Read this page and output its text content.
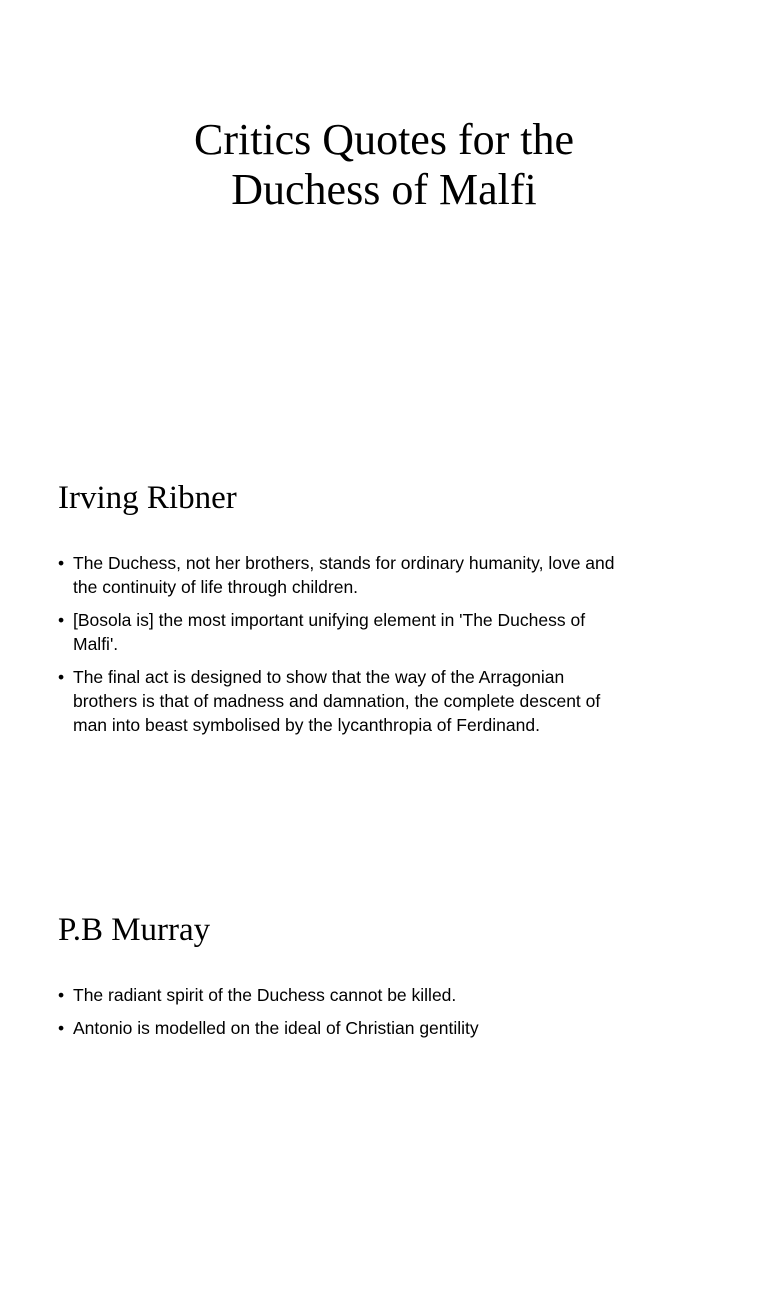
Critics Quotes for the
Duchess of Malfi
Irving Ribner
• The Duchess, not her brothers, stands for ordinary humanity, love and
the continuity of life through children.
• [Bosola is] the most important unifying element in 'The Duchess of
Malfi'.
• The final act is designed to show that the way of the Arragonian
brothers is that of madness and damnation, the complete descent of
man into beast symbolised by the lycanthropia of Ferdinand.
P.B Murray
• The radiant spirit of the Duchess cannot be killed.
• Antonio is modelled on the ideal of Christian gentility
